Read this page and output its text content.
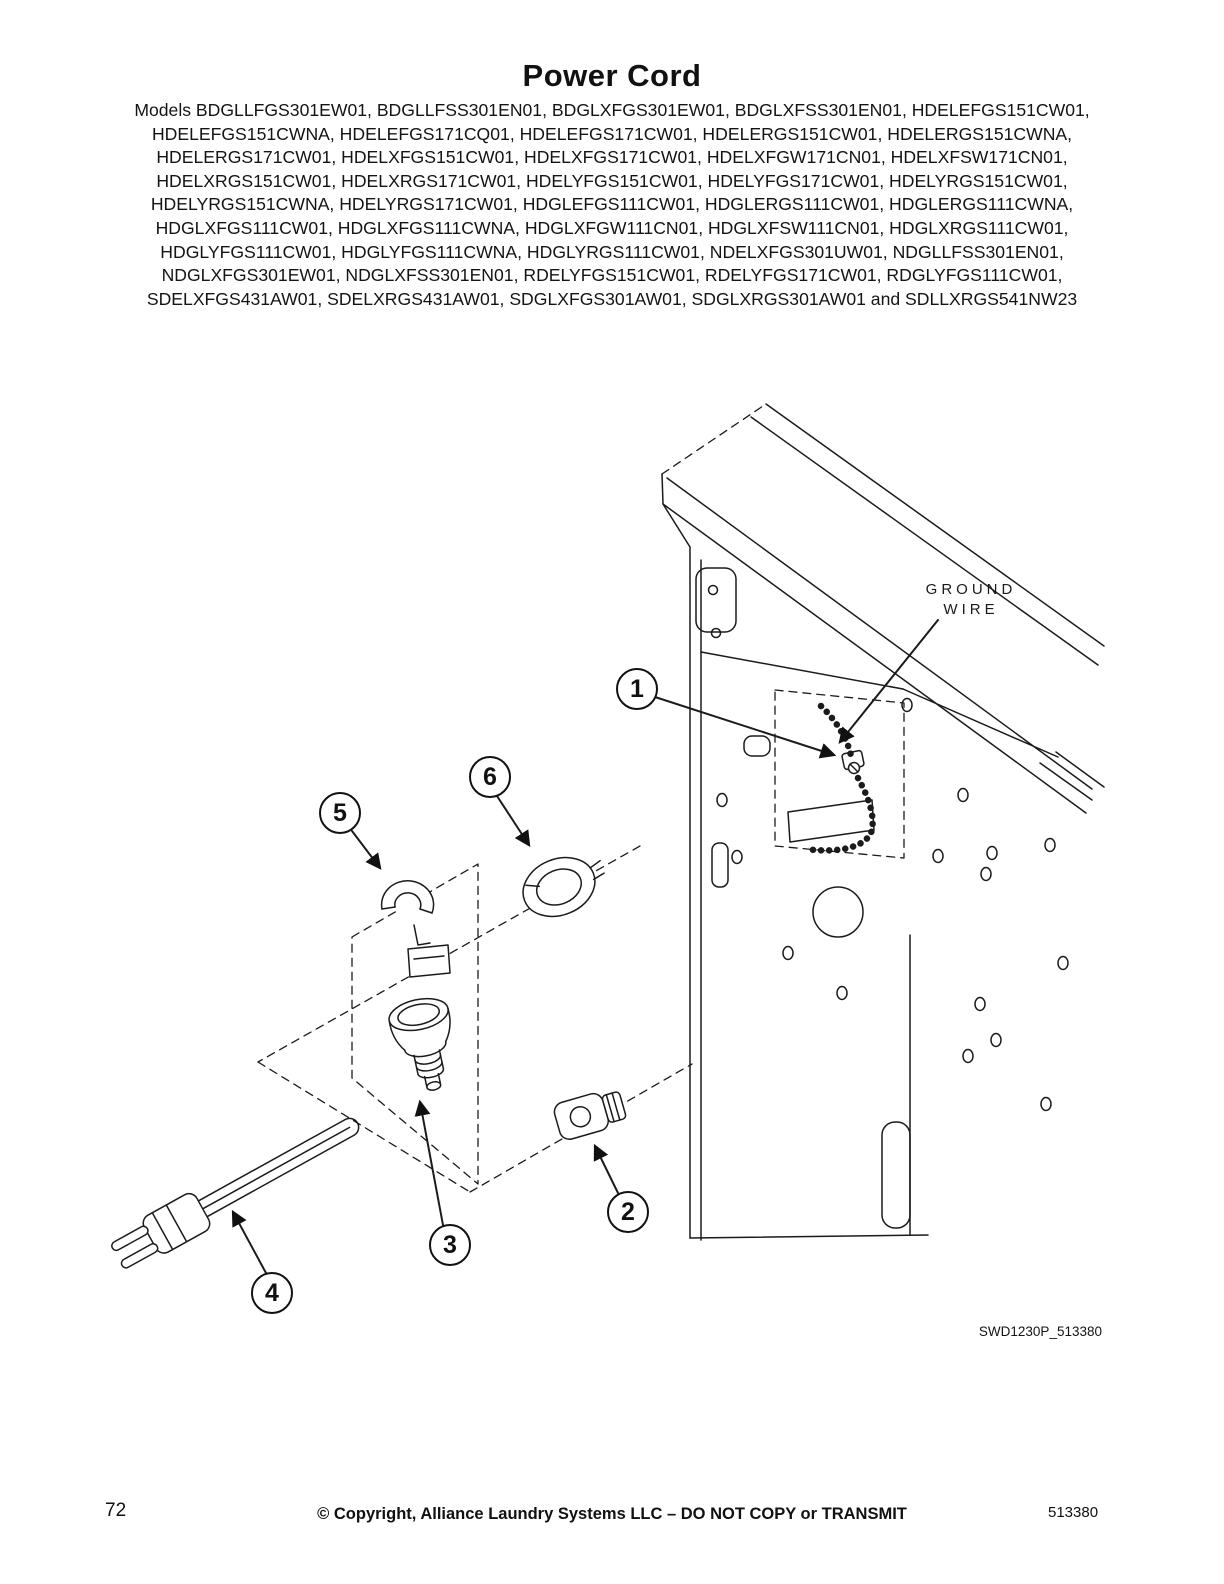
Power Cord
Models BDGLLFGS301EW01, BDGLLFSS301EN01, BDGLXFGS301EW01, BDGLXFSS301EN01, HDELEFGS151CW01,
HDELEFGS151CWNA, HDELEFGS171CQ01, HDELEFGS171CW01, HDELERGS151CW01, HDELERGS151CWNA,
HDELERGS171CW01, HDELXFGS151CW01, HDELXFGS171CW01, HDELXFGW171CN01, HDELXFSW171CN01,
HDELXRGS151CW01, HDELXRGS171CW01, HDELYFGS151CW01, HDELYFGS171CW01, HDELYRGS151CW01,
HDELYRGS151CWNA, HDELYRGS171CW01, HDGLEFGS111CW01, HDGLERGS111CW01, HDGLERGS111CWNA,
HDGLXFGS111CW01, HDGLXFGS111CWNA, HDGLXFGW111CN01, HDGLXFSW111CN01, HDGLXRGS111CW01,
HDGLYFGS111CW01, HDGLYFGS111CWNA, HDGLYRGS111CW01, NDELXFGS301UW01, NDGLLFSS301EN01,
NDGLXFGS301EW01, NDGLXFSS301EN01, RDELYFGS151CW01, RDELYFGS171CW01, RDGLYFGS111CW01,
SDELXFGS431AW01, SDELXRGS431AW01, SDGLXFGS301AW01, SDGLXRGS301AW01 and SDLLXRGS541NW23
1
2
3
4
5
6
GROUND
WIRE
SWD1230P_513380
72	© Copyright, Alliance Laundry Systems LLC – DO NOT COPY or TRANSMIT	513380
